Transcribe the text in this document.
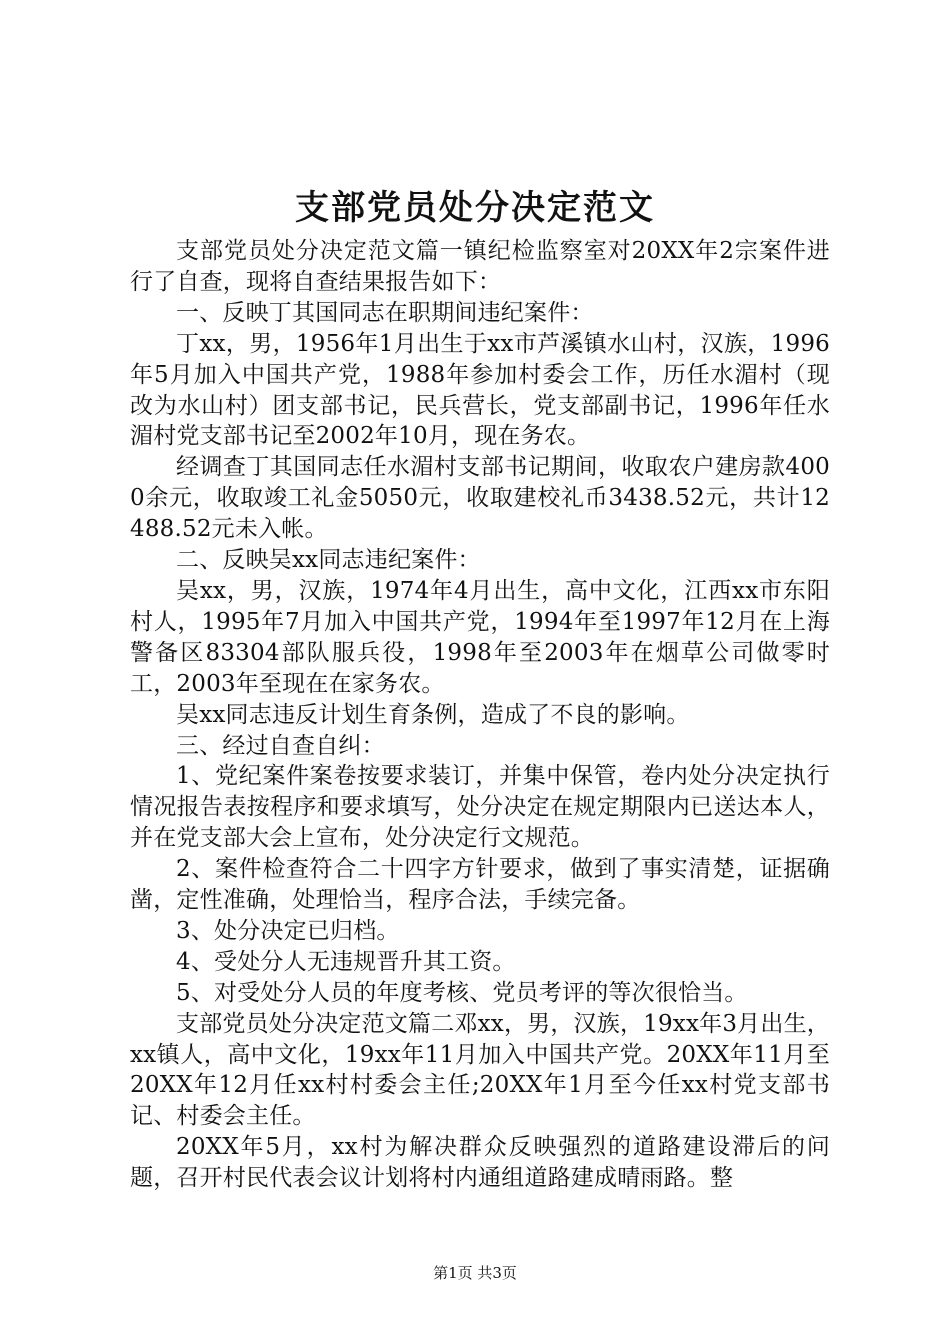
支部党员处分决定范文

支部党员处分决定范文篇一镇纪检监察室对20XX年2宗案件进行了自查，现将自查结果报告如下：

一、反映丁其国同志在职期间违纪案件：

丁xx，男，1956年1月出生于xx市芦溪镇水山村，汉族，1996年5月加入中国共产党，1988年参加村委会工作，历任水湄村（现改为水山村）团支部书记，民兵营长，党支部副书记，1996年任水湄村党支部书记至2002年10月，现在务农。

经调查丁其国同志任水湄村支部书记期间，收取农户建房款4000余元，收取竣工礼金5050元，收取建校礼币3438.52元，共计12488.52元未入帐。

二、反映吴xx同志违纪案件：

吴xx，男，汉族，1974年4月出生，高中文化，江西xx市东阳村人，1995年7月加入中国共产党，1994年至1997年12月在上海警备区83304部队服兵役，1998年至2003年在烟草公司做零时工，2003年至现在在家务农。

吴xx同志违反计划生育条例，造成了不良的影响。

三、经过自查自纠：

1、党纪案件案卷按要求装订，并集中保管，卷内处分决定执行情况报告表按程序和要求填写，处分决定在规定期限内已送达本人，并在党支部大会上宣布，处分决定行文规范。

2、案件检查符合二十四字方针要求，做到了事实清楚，证据确凿，定性准确，处理恰当，程序合法，手续完备。

3、处分决定已归档。

4、受处分人无违规晋升其工资。

5、对受处分人员的年度考核、党员考评的等次很恰当。

支部党员处分决定范文篇二邓xx，男，汉族，19xx年3月出生，xx镇人，高中文化，19xx年11月加入中国共产党。20XX年11月至20XX年12月任xx村村委会主任;20XX年1月至今任xx村党支部书记、村委会主任。

20XX年5月，xx村为解决群众反映强烈的道路建设滞后的问题，召开村民代表会议计划将村内通组道路建成晴雨路。整

第1页 共3页
